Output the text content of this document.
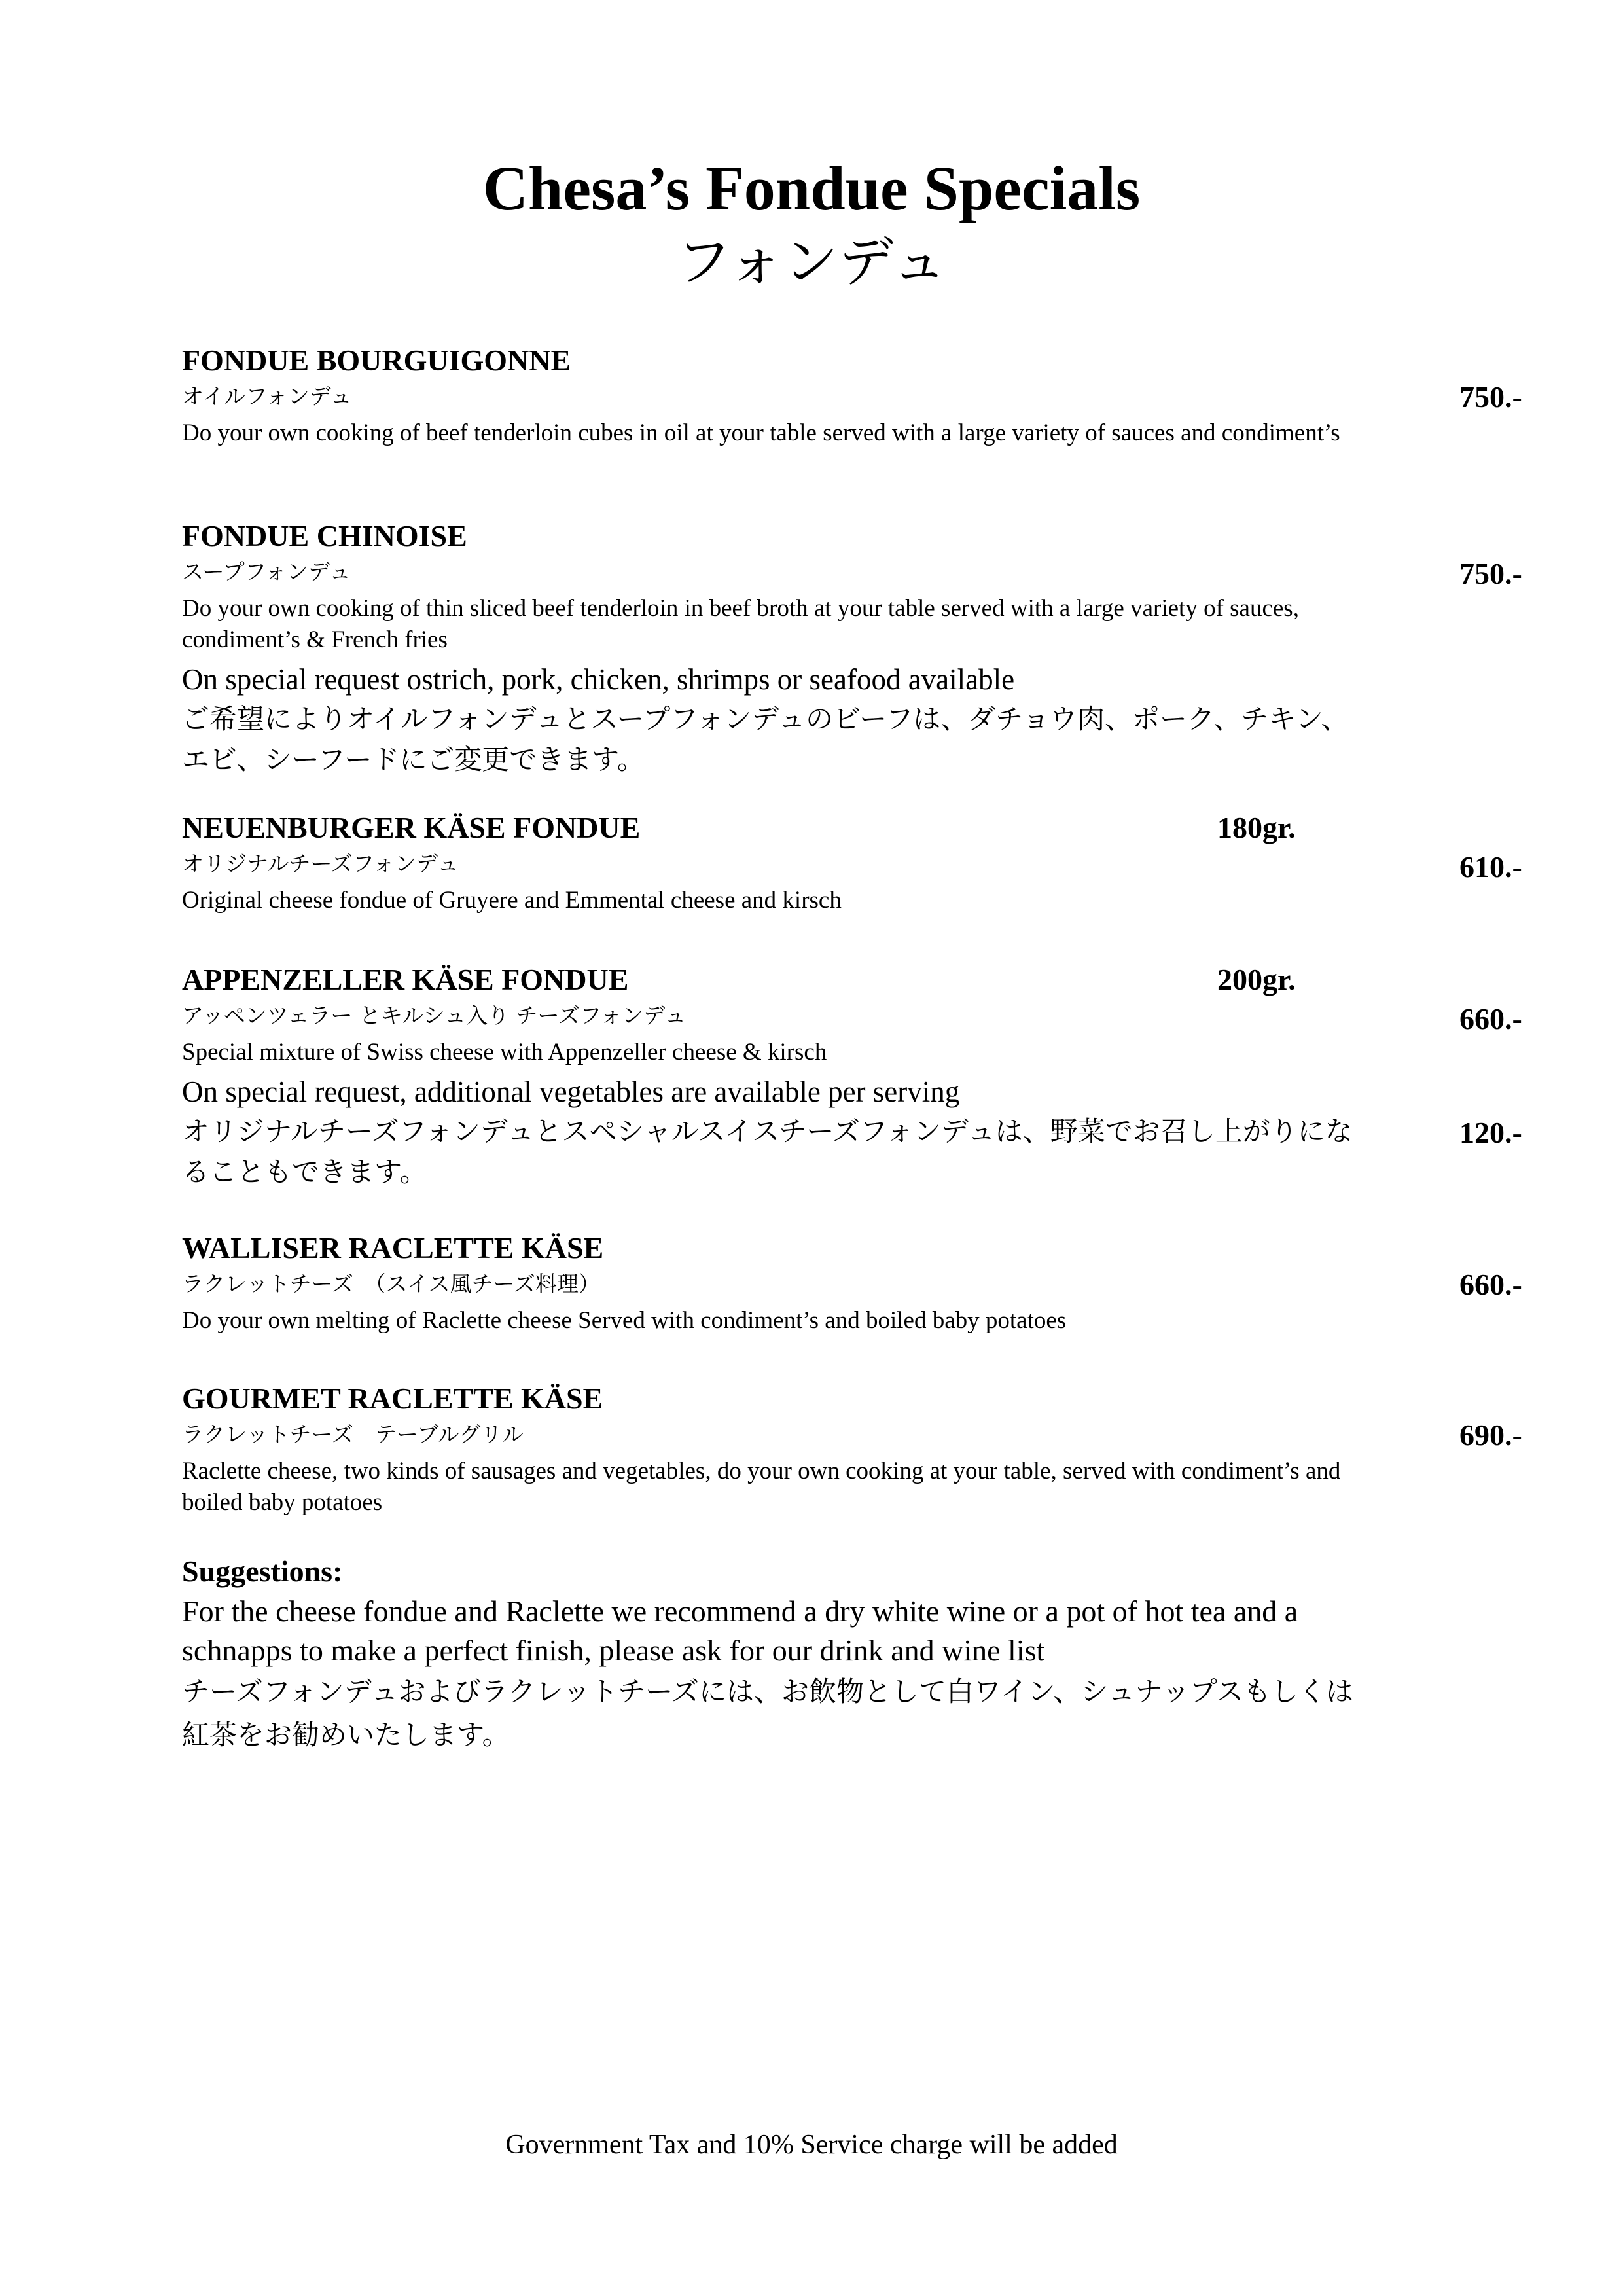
Chesa’s Fondue Specials
フォンデュ
FONDUE BOURGUIGONNE
オイルフォンデュ
Do your own cooking of beef tenderloin cubes in oil at your table served with a large variety of sauces and condiment’s
750.-
FONDUE CHINOISE
スープフォンデュ
Do your own cooking of thin sliced beef tenderloin in beef broth at your table served with a large variety of sauces, condiment’s & French fries
On special request ostrich, pork, chicken, shrimps or seafood available
ご希望によりオイルフォンデュとスープフォンデュのビーフは、ダチョウ肉、ポーク、チキン、エビ、シーフードにご変更できます。
750.-
NEUENBURGER KÄSE FONDUE	180gr.
オリジナルチーズフォンデュ
Original cheese fondue of Gruyere and Emmental cheese and kirsch
610.-
APPENZELLER KÄSE FONDUE	200gr.
アッペンツェラー とキルシュ入り チーズフォンデュ
Special mixture of Swiss cheese with Appenzeller cheese & kirsch
On special request, additional vegetables are available per serving
オリジナルチーズフォンデュとスペシャルスイスチーズフォンデュは、野菜でお召し上がりになることもできます。
660.-
120.-
WALLISER RACLETTE KÄSE
ラクレットチーズ　（スイス風チーズ料理）
Do your own melting of Raclette cheese Served with condiment’s and boiled baby potatoes
660.-
GOURMET RACLETTE KÄSE
ラクレットチーズ　テーブルグリル
Raclette cheese, two kinds of sausages and vegetables, do your own cooking at your table, served with condiment’s and boiled baby potatoes
690.-
Suggestions:
For the cheese fondue and Raclette we recommend a dry white wine or a pot of hot tea and a schnapps to make a perfect finish, please ask for our drink and wine list
チーズフォンデュおよびラクレットチーズには、お飲物として白ワイン、シュナップスもしくは紅茶をお勧めいたします。
Government Tax and 10% Service charge will be added
